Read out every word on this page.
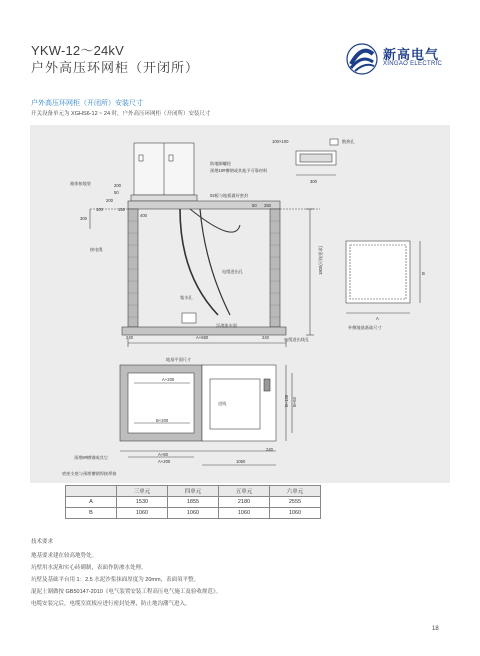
YKW-12～24kV
户外高压环网柜（开闭所）
新高电气
XINGAO ELECTRIC
户外高压环网柜（开闭所）安装尺寸
开关设备单元为 XGHS6-12 ~ 24 时，户外高压环网柜（开闭所）安装尺寸
箱体接地装	200
50
200
100	150
300
400
接电缆
防地脚螺栓
预埋10#槽钢或其他予可靠材料
02板与地板做好密封
50 250
电缆进出孔
集水孔
240	240
A+860
浮渣流水面
电缆进出线孔
1800(可按要求)
100×100	散热孔
300
A
B
外侧地基基础尺寸
地基平面尺寸
A+200
B+200
B+100 B+60
A+80
A+200	1050
240
进线
预埋8#槽钢或其它
底座支座与预埋槽钢焊接焊接
	三单元	四单元	五单元	六单元
A	1530	1855	2180	2555
B	1060	1060	1060	1060
技术要求
地基要求建在较高地势处。
坑壁用水泥和实心砖砌制，表面作防渗水处理。
坑壁及基础平台用 1：2.5 水泥沙浆抹面厚度为 20mm，表面須平整。
混泥土制做按 GB50147-2010《电气装置安装工程高压电气施工及验收规范》。
电缆安装完后，电缆室底板应进行密封处理，防止地沟潮气进入。
18
